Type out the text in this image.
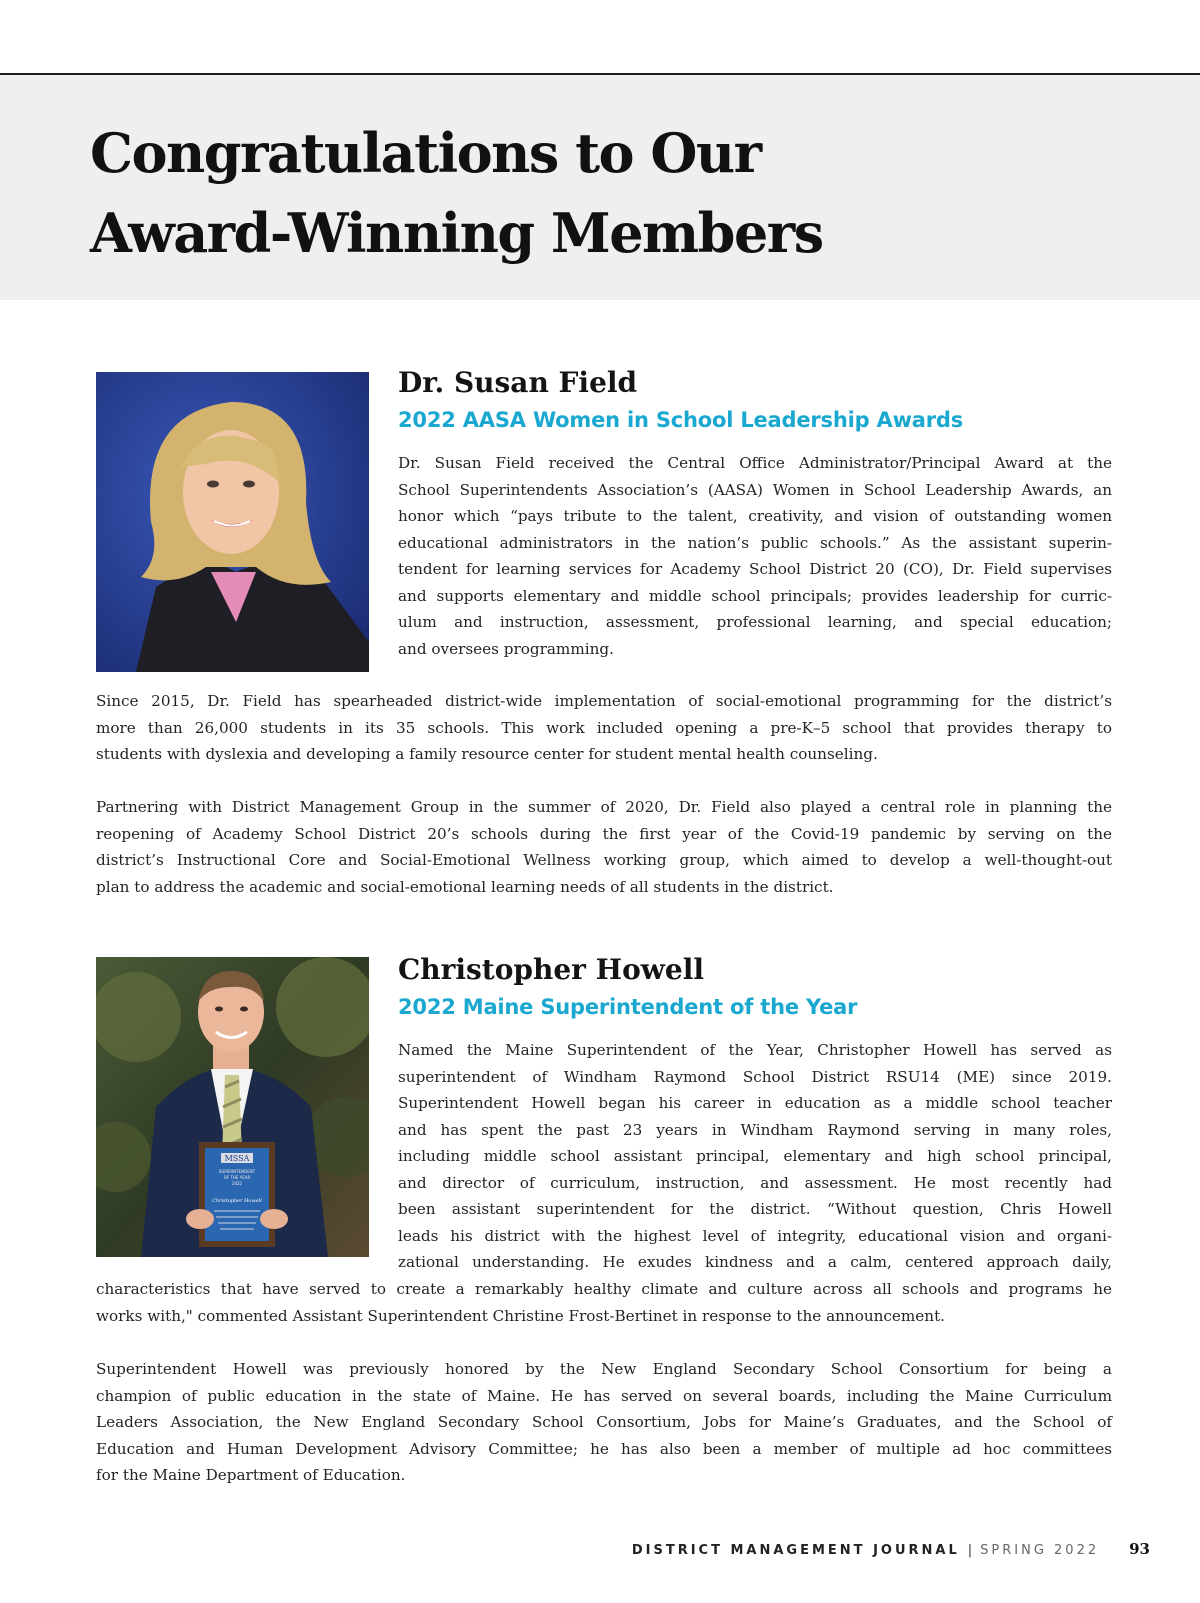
Congratulations to Our
Award-Winning Members
Dr. Susan Field
2022 AASA Women in School Leadership Awards

Dr. Susan Field received the Central Office Administrator/Principal Award at the
School Superintendents Association’s (AASA) Women in School Leadership Awards, an
honor which “pays tribute to the talent, creativity, and vision of outstanding women
educational administrators in the nation’s public schools.” As the assistant superin-
tendent for learning services for Academy School District 20 (CO), Dr. Field supervises
and supports elementary and middle school principals; provides leadership for curric-
ulum and instruction, assessment, professional learning, and special education;
and oversees programming.

Since 2015, Dr. Field has spearheaded district-wide implementation of social-emotional programming for the district’s
more than 26,000 students in its 35 schools. This work included opening a pre-K–5 school that provides therapy to
students with dyslexia and developing a family resource center for student mental health counseling.

Partnering with District Management Group in the summer of 2020, Dr. Field also played a central role in planning the
reopening of Academy School District 20’s schools during the first year of the Covid-19 pandemic by serving on the
district’s Instructional Core and Social-Emotional Wellness working group, which aimed to develop a well-thought-out
plan to address the academic and social-emotional learning needs of all students in the district.

MSSA
SUPERINTENDENT
OF THE YEAR
2022
Christopher Howell
Christopher Howell
2022 Maine Superintendent of the Year

Named the Maine Superintendent of the Year, Christopher Howell has served as
superintendent of Windham Raymond School District RSU14 (ME) since 2019.
Superintendent Howell began his career in education as a middle school teacher
and has spent the past 23 years in Windham Raymond serving in many roles,
including middle school assistant principal, elementary and high school principal,
and director of curriculum, instruction, and assessment. He most recently had
been assistant superintendent for the district. “Without question, Chris Howell
leads his district with the highest level of integrity, educational vision and organi-
zational understanding. He exudes kindness and a calm, centered approach daily,

characteristics that have served to create a remarkably healthy climate and culture across all schools and programs he
works with," commented Assistant Superintendent Christine Frost-Bertinet in response to the announcement.

Superintendent Howell was previously honored by the New England Secondary School Consortium for being a
champion of public education in the state of Maine. He has served on several boards, including the Maine Curriculum
Leaders Association, the New England Secondary School Consortium, Jobs for Maine’s Graduates, and the School of
Education and Human Development Advisory Committee; he has also been a member of multiple ad hoc committees
for the Maine Department of Education.

DISTRICT MANAGEMENT JOURNAL | SPRING 2022 93
